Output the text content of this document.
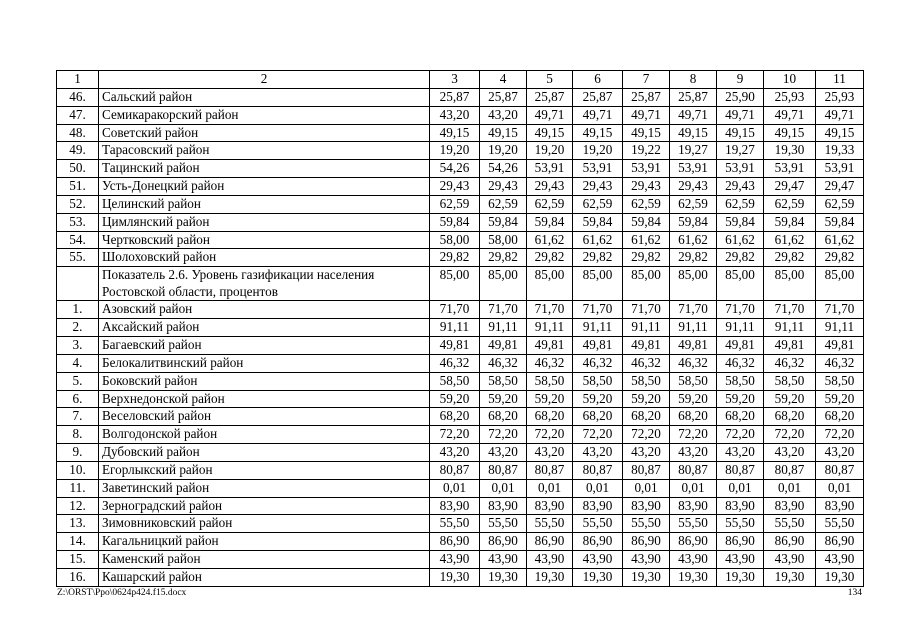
1	2	3	4	5	6	7	8	9	10	11
46.	Сальский район	25,87	25,87	25,87	25,87	25,87	25,87	25,90	25,93	25,93
47.	Семикаракорский район	43,20	43,20	49,71	49,71	49,71	49,71	49,71	49,71	49,71
48.	Советский район	49,15	49,15	49,15	49,15	49,15	49,15	49,15	49,15	49,15
49.	Тарасовский район	19,20	19,20	19,20	19,20	19,22	19,27	19,27	19,30	19,33
50.	Тацинский район	54,26	54,26	53,91	53,91	53,91	53,91	53,91	53,91	53,91
51.	Усть-Донецкий район	29,43	29,43	29,43	29,43	29,43	29,43	29,43	29,47	29,47
52.	Целинский район	62,59	62,59	62,59	62,59	62,59	62,59	62,59	62,59	62,59
53.	Цимлянский район	59,84	59,84	59,84	59,84	59,84	59,84	59,84	59,84	59,84
54.	Чертковский район	58,00	58,00	61,62	61,62	61,62	61,62	61,62	61,62	61,62
55.	Шолоховский район	29,82	29,82	29,82	29,82	29,82	29,82	29,82	29,82	29,82
	Показатель 2.6. Уровень газификации населения Ростовской области, процентов	85,00	85,00	85,00	85,00	85,00	85,00	85,00	85,00	85,00
1.	Азовский район	71,70	71,70	71,70	71,70	71,70	71,70	71,70	71,70	71,70
2.	Аксайский район	91,11	91,11	91,11	91,11	91,11	91,11	91,11	91,11	91,11
3.	Багаевский район	49,81	49,81	49,81	49,81	49,81	49,81	49,81	49,81	49,81
4.	Белокалитвинский район	46,32	46,32	46,32	46,32	46,32	46,32	46,32	46,32	46,32
5.	Боковский район	58,50	58,50	58,50	58,50	58,50	58,50	58,50	58,50	58,50
6.	Верхнедонской район	59,20	59,20	59,20	59,20	59,20	59,20	59,20	59,20	59,20
7.	Веселовский район	68,20	68,20	68,20	68,20	68,20	68,20	68,20	68,20	68,20
8.	Волгодонской район	72,20	72,20	72,20	72,20	72,20	72,20	72,20	72,20	72,20
9.	Дубовский район	43,20	43,20	43,20	43,20	43,20	43,20	43,20	43,20	43,20
10.	Егорлыкский район	80,87	80,87	80,87	80,87	80,87	80,87	80,87	80,87	80,87
11.	Заветинский район	0,01	0,01	0,01	0,01	0,01	0,01	0,01	0,01	0,01
12.	Зерноградский район	83,90	83,90	83,90	83,90	83,90	83,90	83,90	83,90	83,90
13.	Зимовниковский район	55,50	55,50	55,50	55,50	55,50	55,50	55,50	55,50	55,50
14.	Кагальницкий район	86,90	86,90	86,90	86,90	86,90	86,90	86,90	86,90	86,90
15.	Каменский район	43,90	43,90	43,90	43,90	43,90	43,90	43,90	43,90	43,90
16.	Кашарский район	19,30	19,30	19,30	19,30	19,30	19,30	19,30	19,30	19,30
Z:\ORST\Ppo\0624p424.f15.docx	134
